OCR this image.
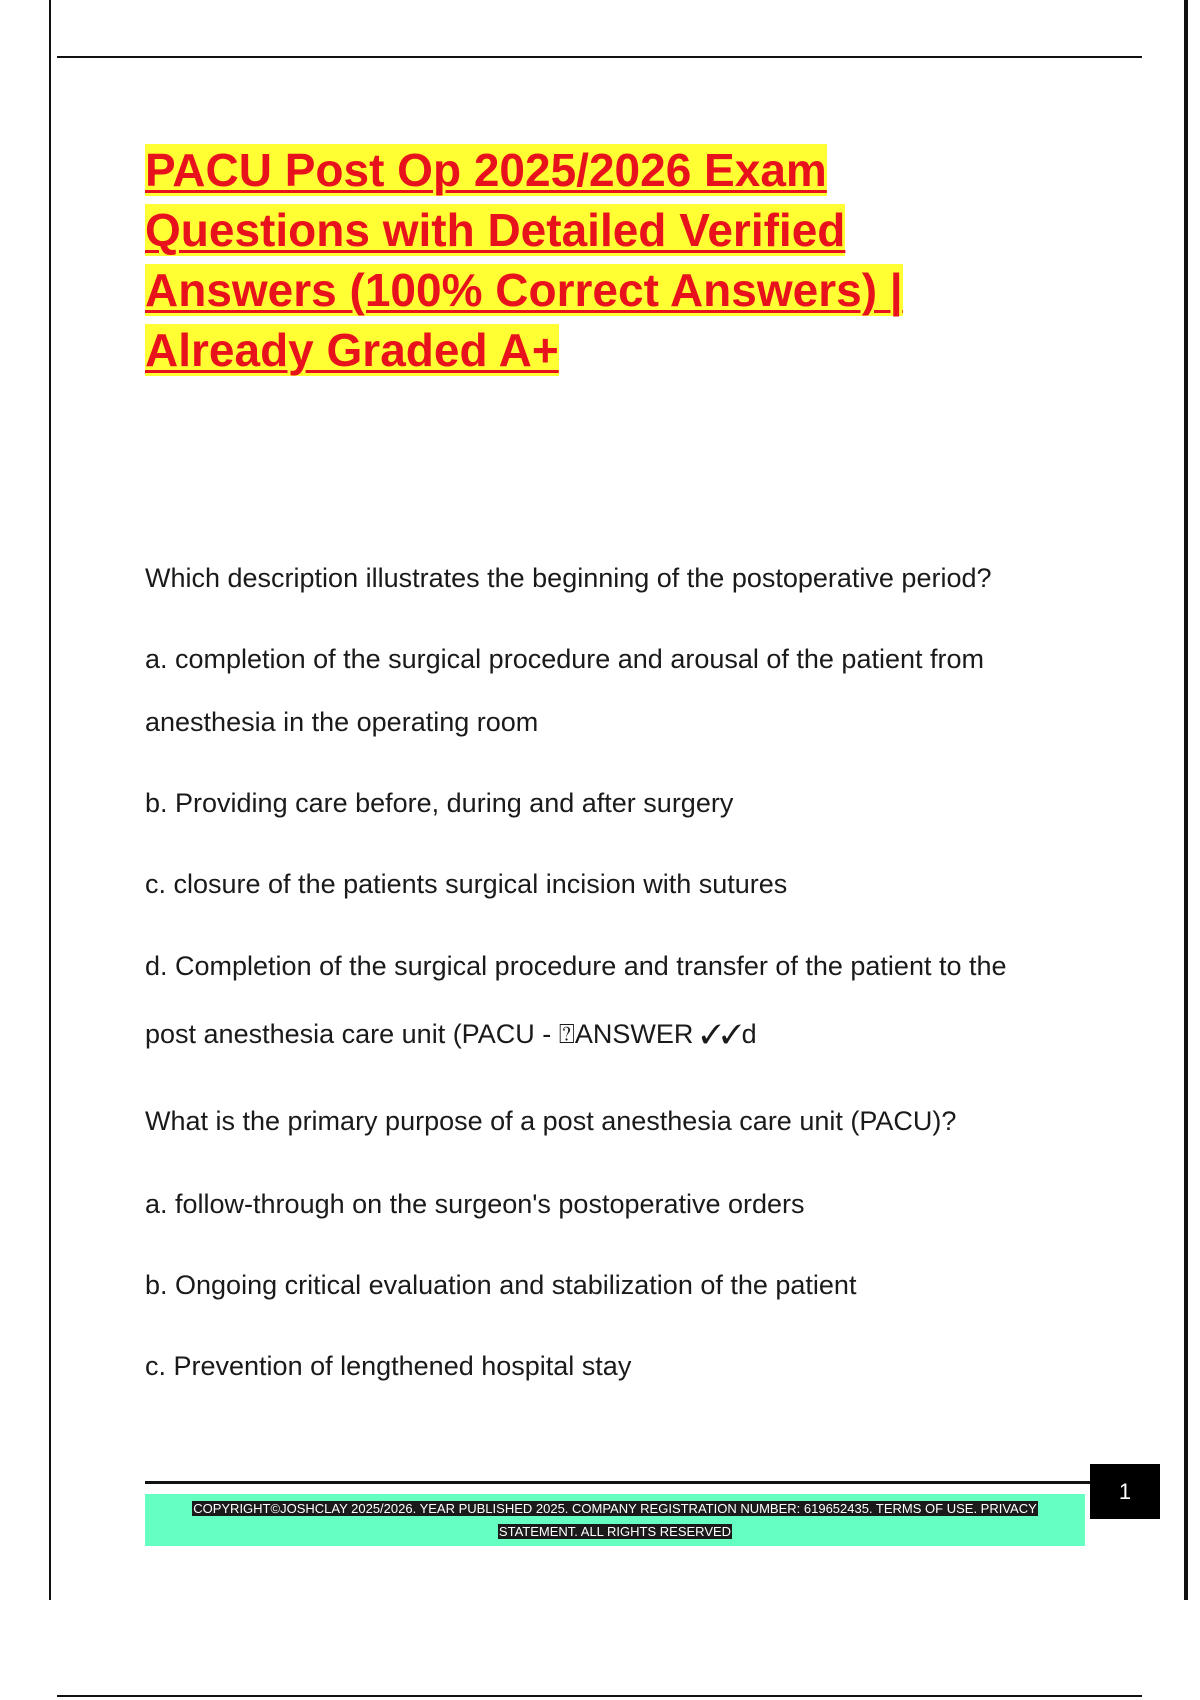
PACU Post Op 2025/2026 Exam Questions with Detailed Verified Answers (100% Correct Answers) | Already Graded A+

Which description illustrates the beginning of the postoperative period?

a. completion of the surgical procedure and arousal of the patient from

anesthesia in the operating room

b. Providing care before, during and after surgery

c. closure of the patients surgical incision with sutures

d. Completion of the surgical procedure and transfer of the patient to the

post anesthesia care unit (PACU - ⍰ANSWER ✓✓d

What is the primary purpose of a post anesthesia care unit (PACU)?

a. follow-through on the surgeon's postoperative orders

b. Ongoing critical evaluation and stabilization of the patient

c. Prevention of lengthened hospital stay

COPYRIGHT©JOSHCLAY 2025/2026. YEAR PUBLISHED 2025. COMPANY REGISTRATION NUMBER: 619652435. TERMS OF USE. PRIVACY
STATEMENT. ALL RIGHTS RESERVED
1
